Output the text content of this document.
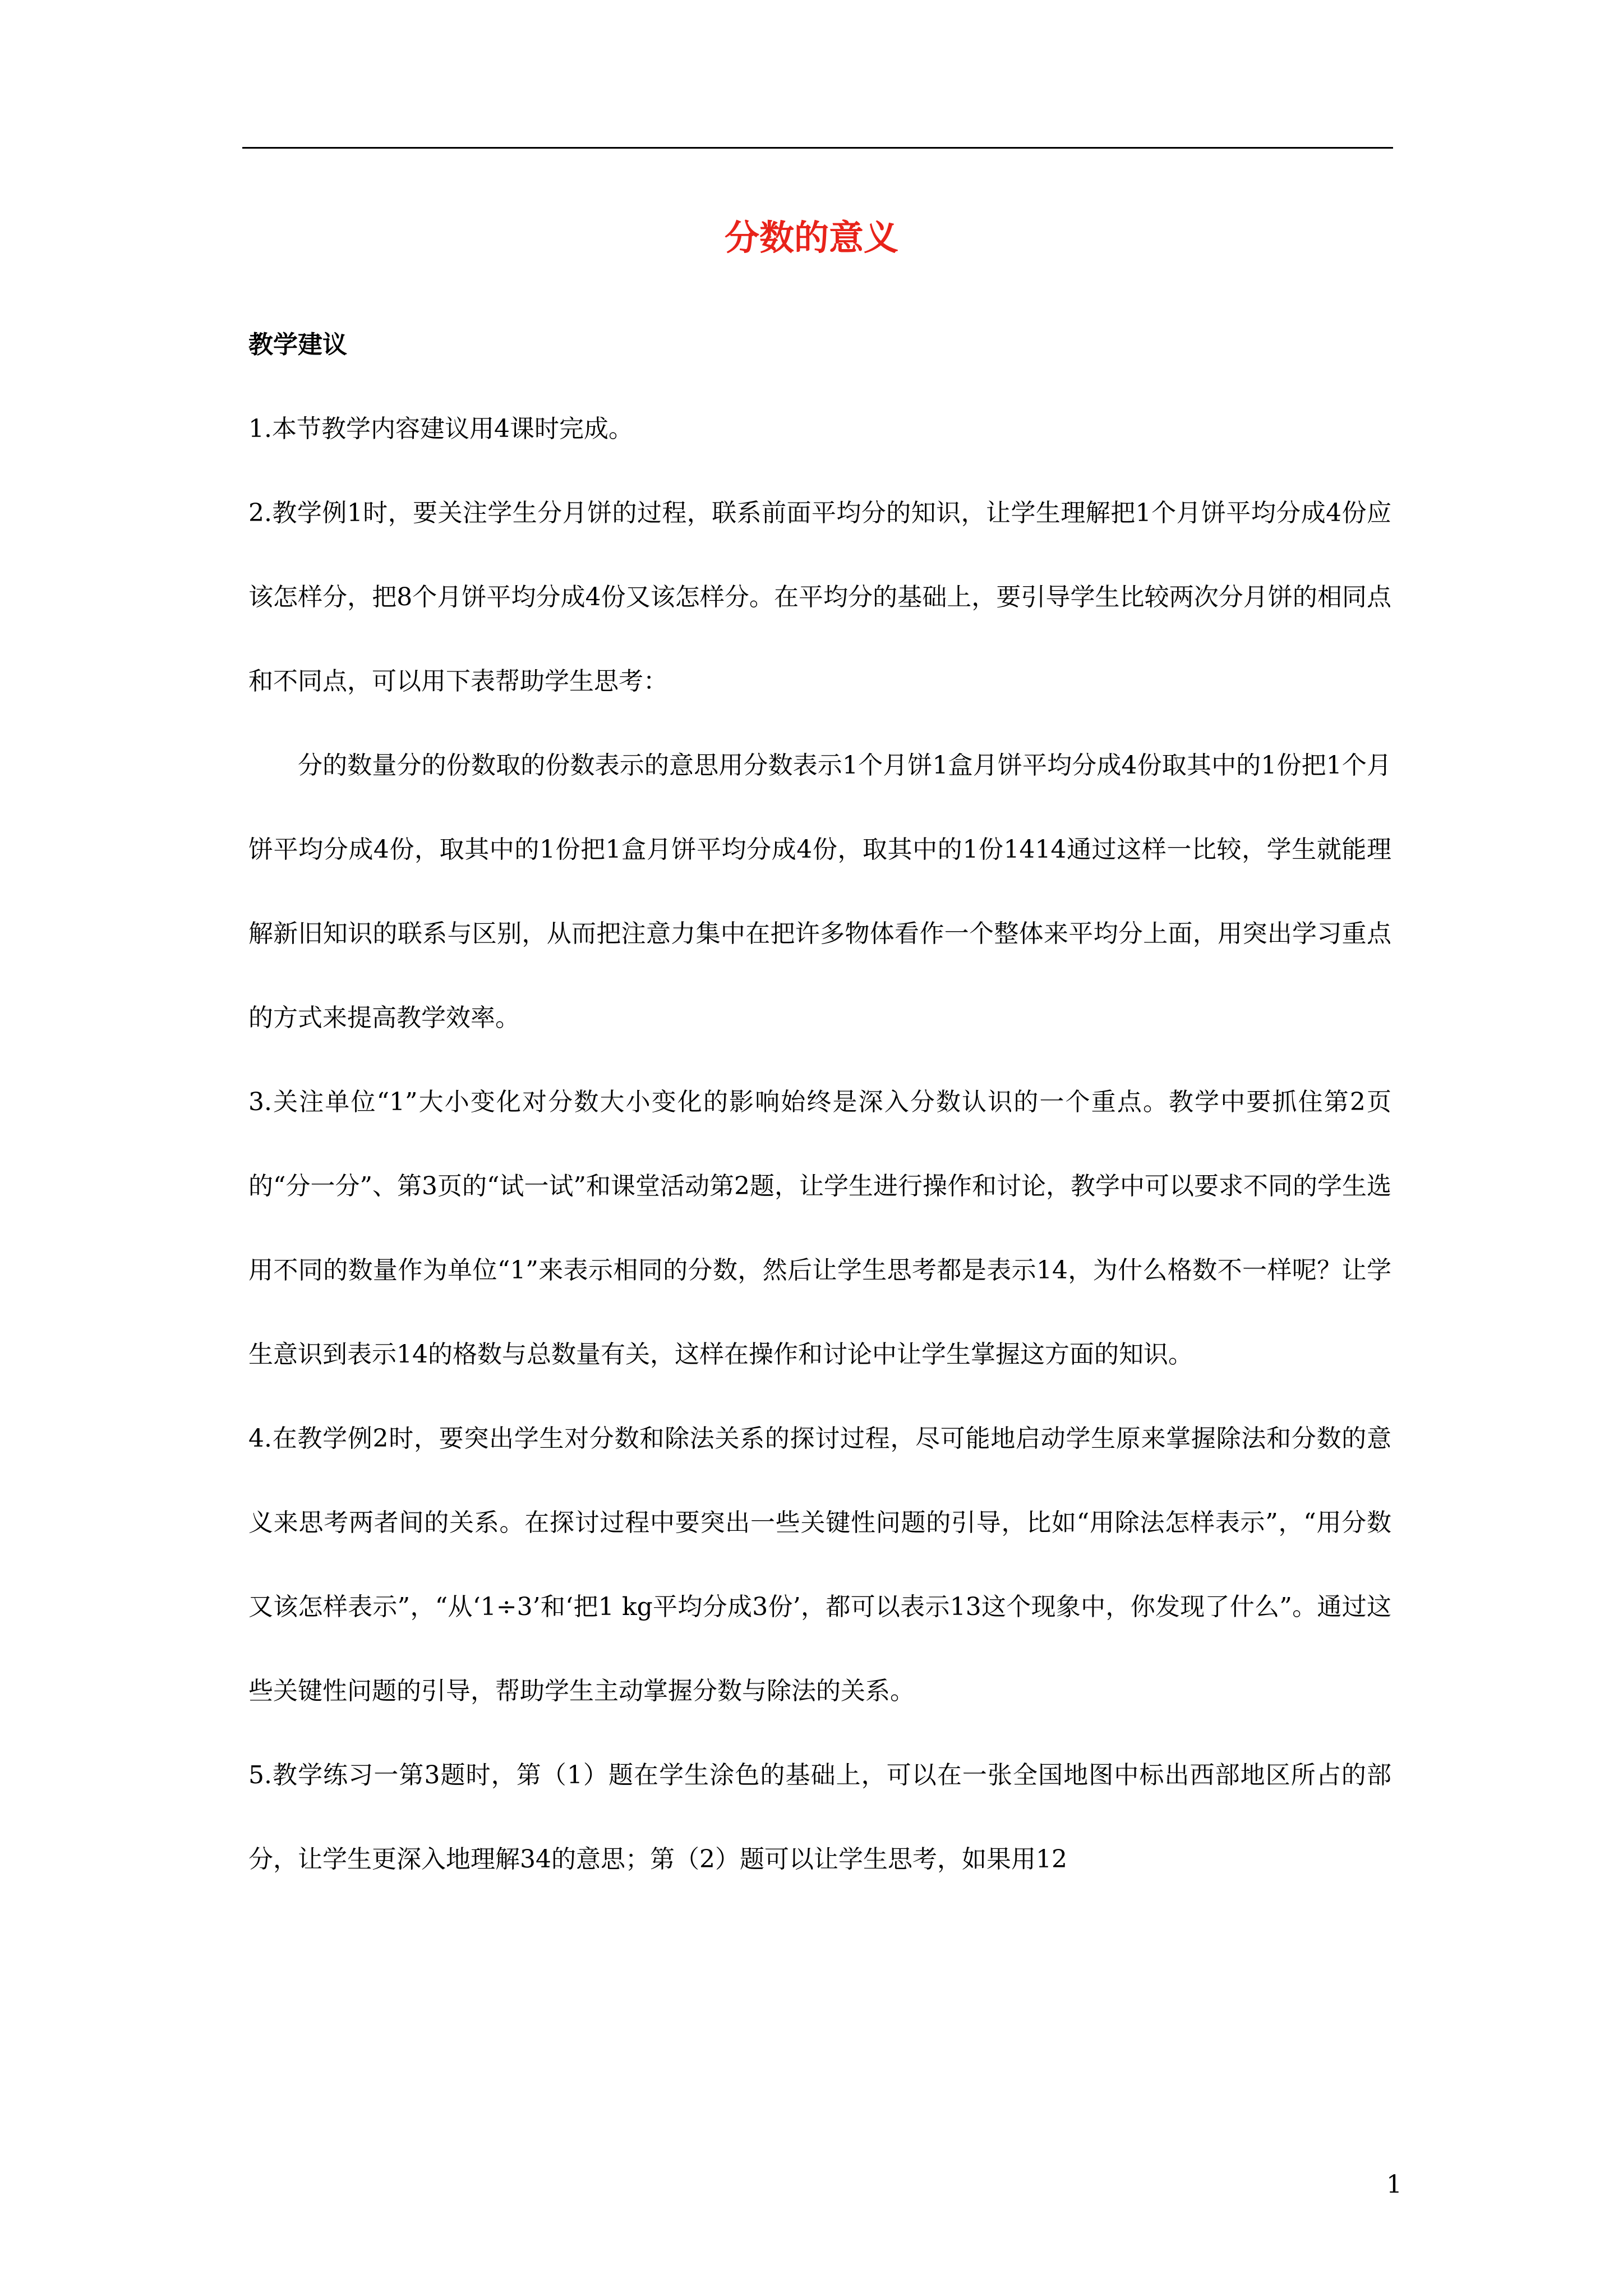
分数的意义

教学建议

1.本节教学内容建议用4课时完成。

2.教学例1时，要关注学生分月饼的过程，联系前面平均分的知识，让学生理解把1个月饼平均分成4份应该怎样分，把8个月饼平均分成4份又该怎样分。在平均分的基础上，要引导学生比较两次分月饼的相同点和不同点，可以用下表帮助学生思考：

分的数量分的份数取的份数表示的意思用分数表示1个月饼1盒月饼平均分成4份取其中的1份把1个月饼平均分成4份，取其中的1份把1盒月饼平均分成4份，取其中的1份1414通过这样一比较，学生就能理解新旧知识的联系与区别，从而把注意力集中在把许多物体看作一个整体来平均分上面，用突出学习重点的方式来提高教学效率。

3.关注单位“1”大小变化对分数大小变化的影响始终是深入分数认识的一个重点。教学中要抓住第2页的“分一分”、第3页的“试一试”和课堂活动第2题，让学生进行操作和讨论，教学中可以要求不同的学生选用不同的数量作为单位“1”来表示相同的分数，然后让学生思考都是表示14，为什么格数不一样呢？让学生意识到表示14的格数与总数量有关，这样在操作和讨论中让学生掌握这方面的知识。

4.在教学例2时，要突出学生对分数和除法关系的探讨过程，尽可能地启动学生原来掌握除法和分数的意义来思考两者间的关系。在探讨过程中要突出一些关键性问题的引导，比如“用除法怎样表示”，“用分数又该怎样表示”，“从‘1÷3’和‘把1 kg平均分成3份’，都可以表示13这个现象中，你发现了什么”。通过这些关键性问题的引导，帮助学生主动掌握分数与除法的关系。

5.教学练习一第3题时，第（1）题在学生涂色的基础上，可以在一张全国地图中标出西部地区所占的部分，让学生更深入地理解34的意思；第（2）题可以让学生思考，如果用12

1
